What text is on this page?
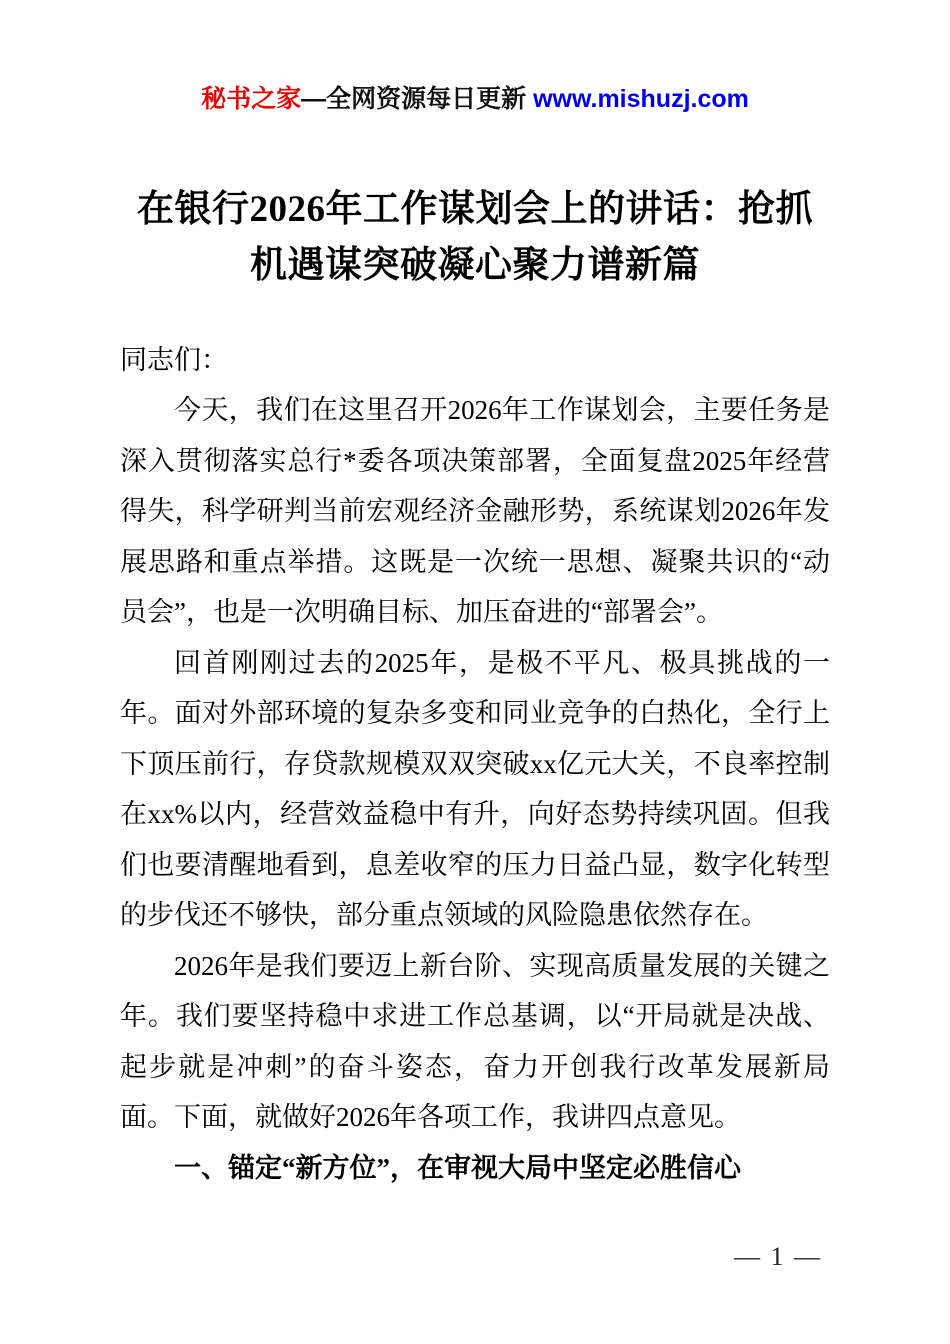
秘书之家—全网资源每日更新 www.mishuzj.com
在银行2026年工作谋划会上的讲话：抢抓机遇谋突破凝心聚力谱新篇

同志们：

今天，我们在这里召开2026年工作谋划会，主要任务是深入贯彻落实总行*委各项决策部署，全面复盘2025年经营得失，科学研判当前宏观经济金融形势，系统谋划2026年发展思路和重点举措。这既是一次统一思想、凝聚共识的“动员会”，也是一次明确目标、加压奋进的“部署会”。

回首刚刚过去的2025年，是极不平凡、极具挑战的一年。面对外部环境的复杂多变和同业竞争的白热化，全行上下顶压前行，存贷款规模双双突破xx亿元大关，不良率控制在xx%以内，经营效益稳中有升，向好态势持续巩固。但我们也要清醒地看到，息差收窄的压力日益凸显，数字化转型的步伐还不够快，部分重点领域的风险隐患依然存在。

2026年是我们要迈上新台阶、实现高质量发展的关键之年。我们要坚持稳中求进工作总基调，以“开局就是决战、起步就是冲刺”的奋斗姿态，奋力开创我行改革发展新局面。下面，就做好2026年各项工作，我讲四点意见。

一、锚定“新方位”，在审视大局中坚定必胜信心

— 1 —
